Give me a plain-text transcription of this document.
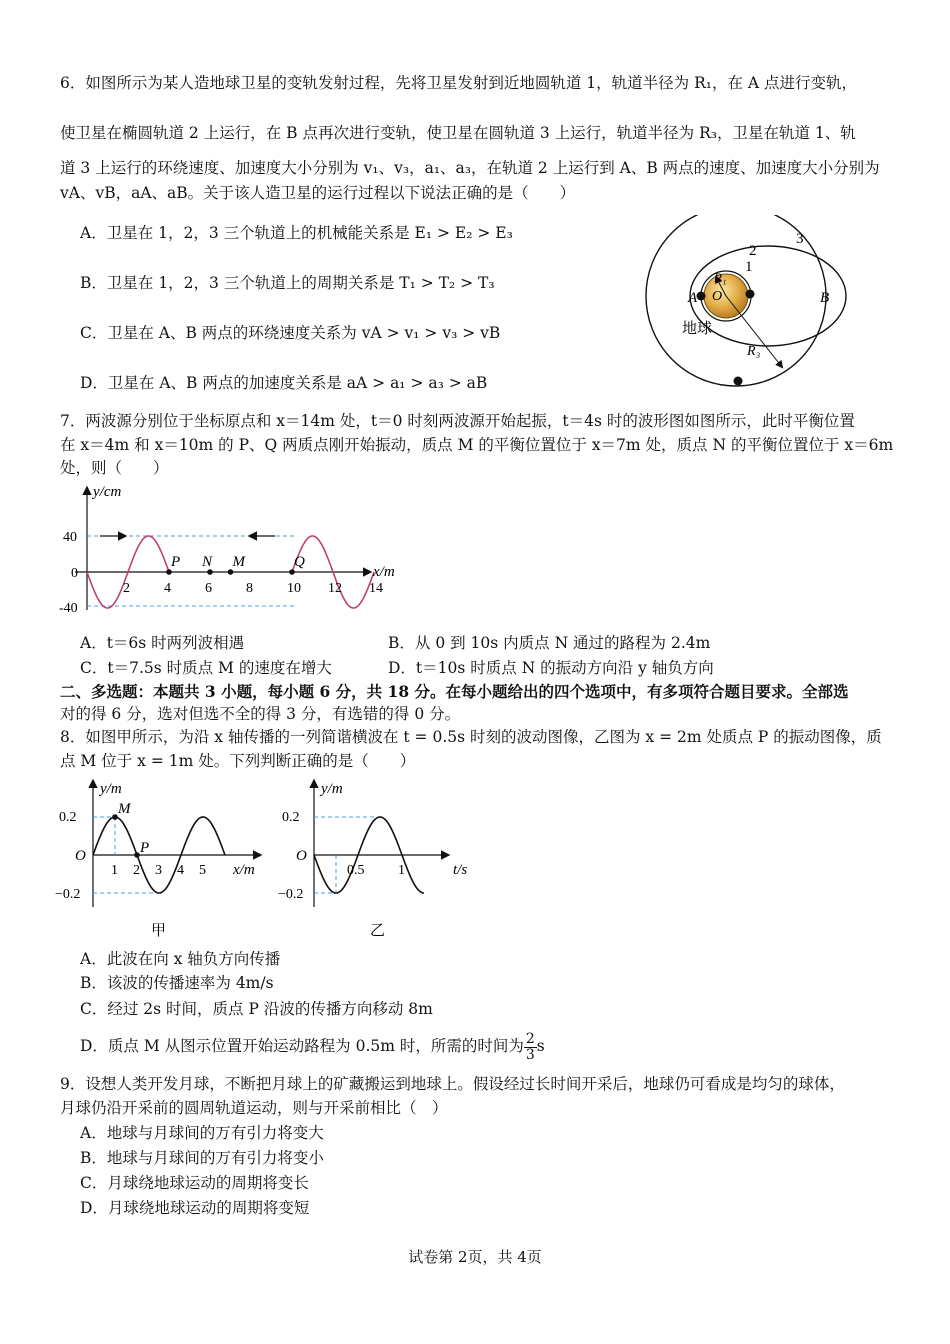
6．如图所示为某人造地球卫星的变轨发射过程，先将卫星发射到近地圆轨道 1，轨道半径为 R₁，在 A 点进行变轨，
使卫星在椭圆轨道 2 上运行，在 B 点再次进行变轨，使卫星在圆轨道 3 上运行，轨道半径为 R₃，卫星在轨道 1、轨
道 3 上运行的环绕速度、加速度大小分别为 v₁、v₃，a₁、a₃，在轨道 2 上运行到 A、B 两点的速度、加速度大小分别为
vA、vB，aA、aB。关于该人造卫星的运行过程以下说法正确的是（　　）
A．卫星在 1，2，3 三个轨道上的机械能关系是 E₁ > E₂ > E₃
B．卫星在 1，2，3 三个轨道上的周期关系是 T₁ > T₂ > T₃
C．卫星在 A、B 两点的环绕速度关系为 vA > v₁ > v₃ > vB
D．卫星在 A、B 两点的加速度关系是 aA > a₁ > a₃ > aB
2
3
1
R₁
O
A	B
地球
R₃
7．两波源分别位于坐标原点和 x＝14m 处，t＝0 时刻两波源开始起振，t＝4s 时的波形图如图所示，此时平衡位置
在 x＝4m 和 x＝10m 的 P、Q 两质点刚开始振动，质点 M 的平衡位置位于 x＝7m 处，质点 N 的平衡位置位于 x＝6m
处，则（　　）
2 4 6 8 10 12 14
40
0
-40
P N M	Q
y/cm
x/m
A．t＝6s 时两列波相遇	B．从 0 到 10s 内质点 N 通过的路程为 2.4m
C．t＝7.5s 时质点 M 的速度在增大	D．t＝10s 时质点 N 的振动方向沿 y 轴负方向
二、多选题：本题共 3 小题，每小题 6 分，共 18 分。在每小题给出的四个选项中，有多项符合题目要求。全部选
对的得 6 分，选对但选不全的得 3 分，有选错的得 0 分。
8．如图甲所示，为沿 x 轴传播的一列简谐横波在 t = 0.5s 时刻的波动图像，乙图为 x = 2m 处质点 P 的振动图像，质
点 M 位于 x = 1m 处。下列判断正确的是（　　）
1 2 3 4 5
0.2
−0.2
M
P
O
y/m
x/m
甲
0.5 1
0.2
−0.2
O
y/m
t/s
乙
A．此波在向 x 轴负方向传播
B．该波的传播速率为 4m/s
C．经过 2s 时间，质点 P 沿波的传播方向移动 8m
D．质点 M 从图示位置开始运动路程为 0.5m 时，所需的时间为 $\frac{2}{3}$ s
9．设想人类开发月球，不断把月球上的矿藏搬运到地球上。假设经过长时间开采后，地球仍可看成是均匀的球体，
月球仍沿开采前的圆周轨道运动，则与开采前相比（　）
A．地球与月球间的万有引力将变大
B．地球与月球间的万有引力将变小
C．月球绕地球运动的周期将变长
D．月球绕地球运动的周期将变短
试卷第 2页，共 4页
